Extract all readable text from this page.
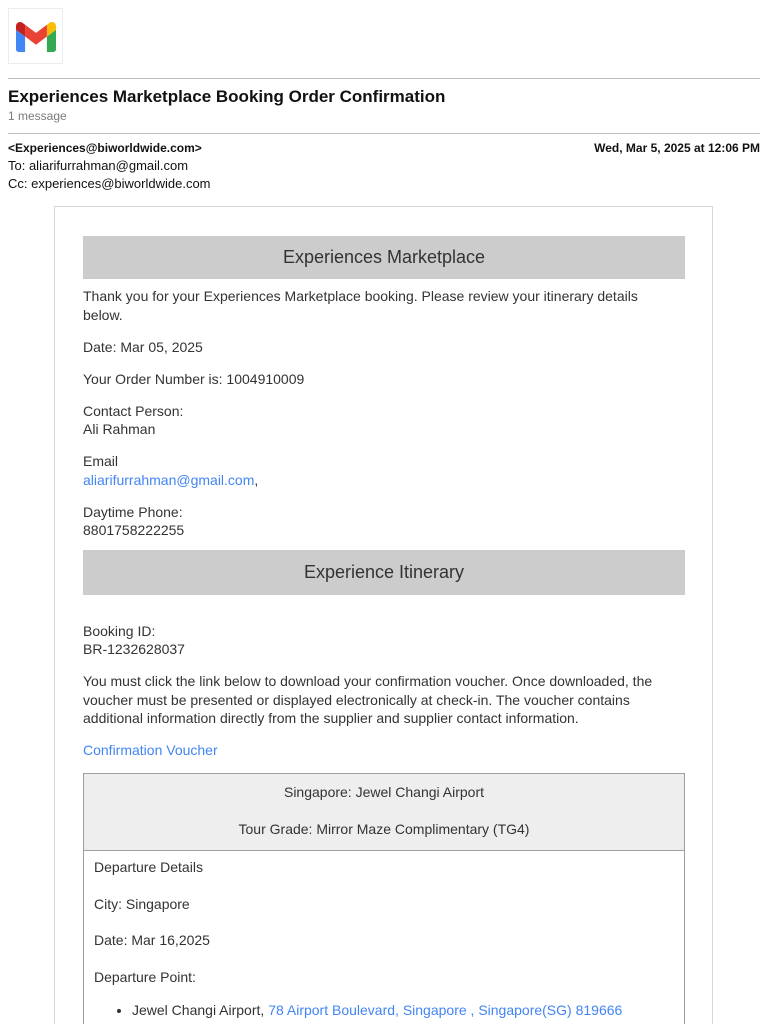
Experiences Marketplace Booking Order Confirmation
1 message
<Experiences@biworldwide.com>
To: aliarifurrahman@gmail.com
Cc: experiences@biworldwide.com
Wed, Mar 5, 2025 at 12:06 PM
Experiences Marketplace

Thank you for your Experiences Marketplace booking. Please review your itinerary details below.

Date: Mar 05, 2025

Your Order Number is: 1004910009

Contact Person:
Ali Rahman

Email
aliarifurrahman@gmail.com,

Daytime Phone:
8801758222255

Experience Itinerary

Booking ID:
BR-1232628037

You must click the link below to download your confirmation voucher. Once downloaded, the voucher must be presented or displayed electronically at check-in. The voucher contains additional information directly from the supplier and supplier contact information.

Confirmation Voucher

Singapore: Jewel Changi Airport

Tour Grade: Mirror Maze Complimentary (TG4)

Departure Details

City: Singapore

Date: Mar 16,2025

Departure Point:

• Jewel Changi Airport, 78 Airport Boulevard, Singapore , Singapore(SG) 819666
